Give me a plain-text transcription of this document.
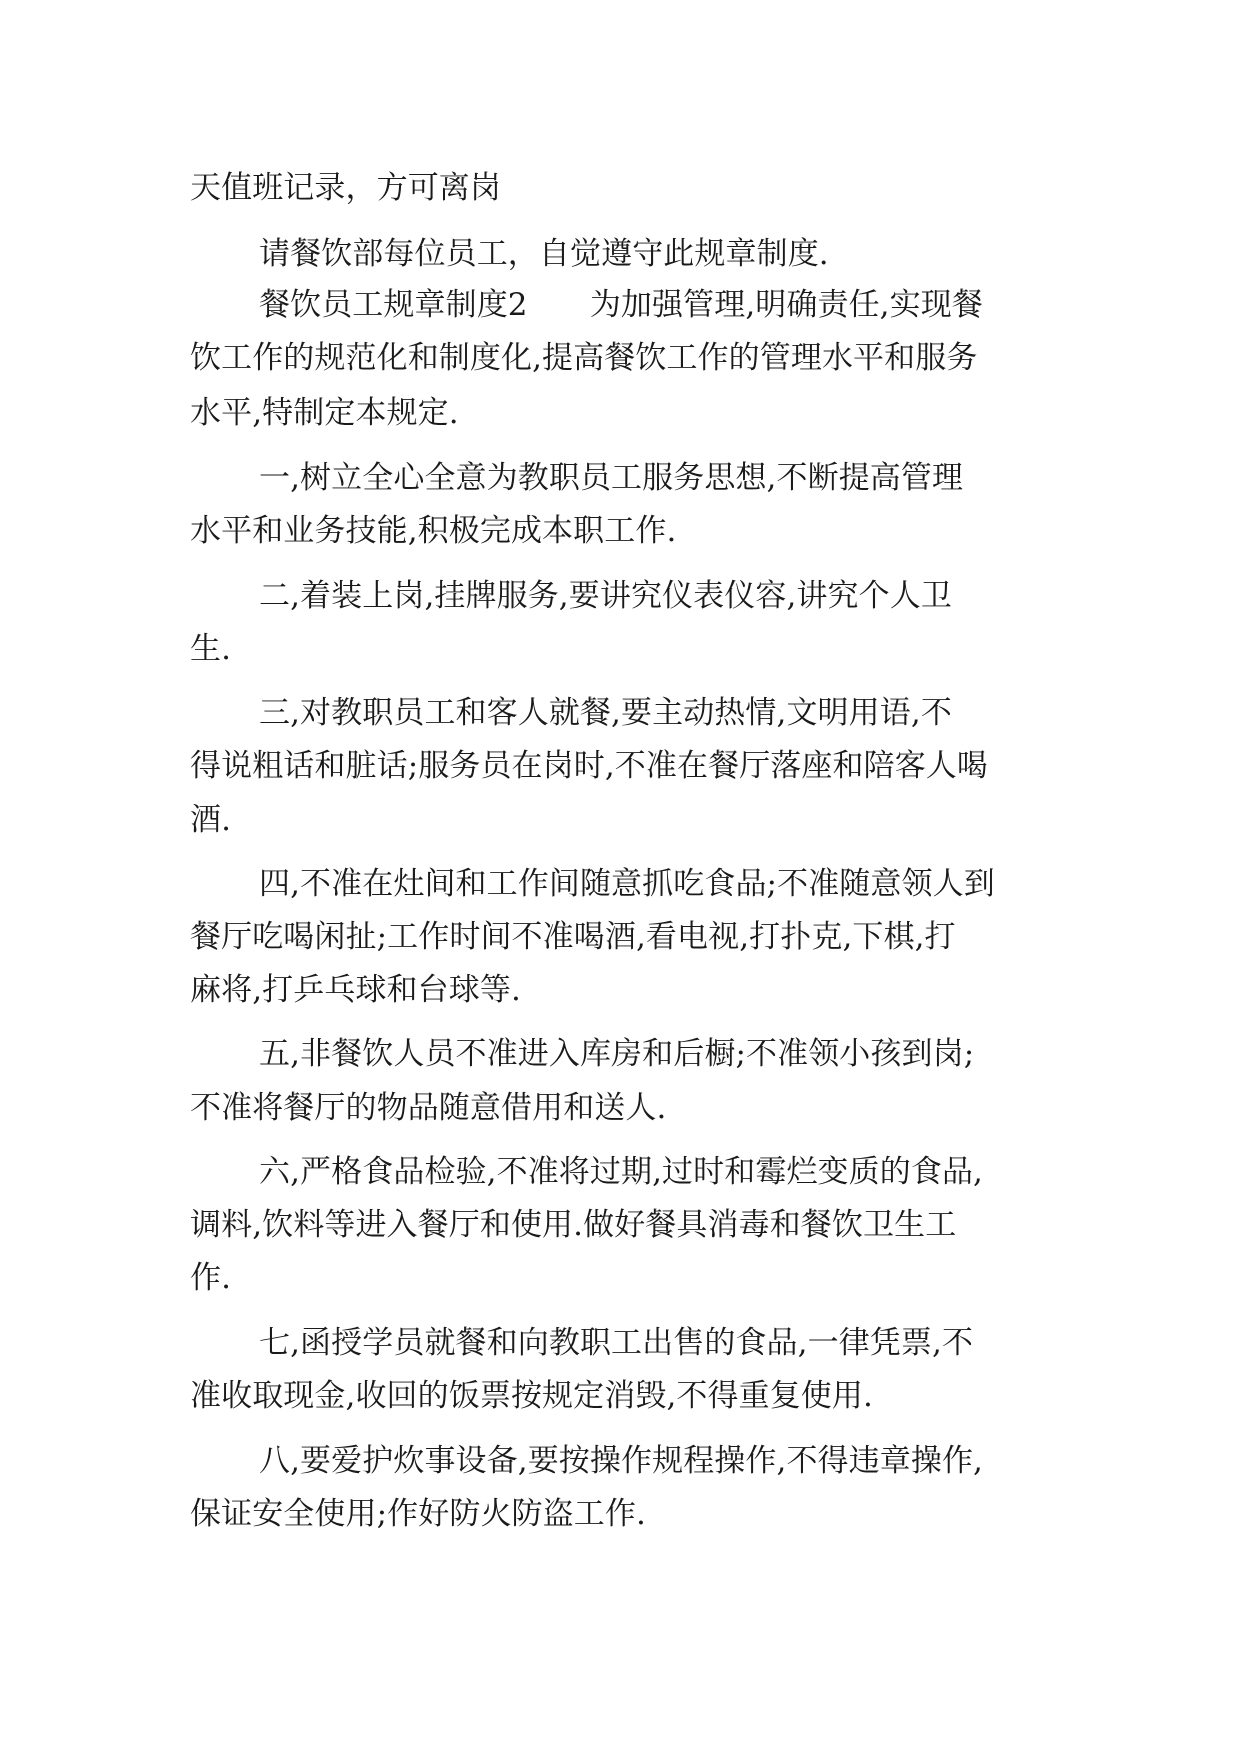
天值班记录，方可离岗
请餐饮部每位员工，自觉遵守此规章制度.
餐饮员工规章制度2　　为加强管理,明确责任,实现餐
饮工作的规范化和制度化,提高餐饮工作的管理水平和服务
水平,特制定本规定.
一,树立全心全意为教职员工服务思想,不断提高管理
水平和业务技能,积极完成本职工作.
二,着装上岗,挂牌服务,要讲究仪表仪容,讲究个人卫
生.
三,对教职员工和客人就餐,要主动热情,文明用语,不
得说粗话和脏话;服务员在岗时,不准在餐厅落座和陪客人喝
酒.
四,不准在灶间和工作间随意抓吃食品;不准随意领人到
餐厅吃喝闲扯;工作时间不准喝酒,看电视,打扑克,下棋,打
麻将,打乒乓球和台球等.
五,非餐饮人员不准进入库房和后橱;不准领小孩到岗;
不准将餐厅的物品随意借用和送人.
六,严格食品检验,不准将过期,过时和霉烂变质的食品,
调料,饮料等进入餐厅和使用.做好餐具消毒和餐饮卫生工
作.
七,函授学员就餐和向教职工出售的食品,一律凭票,不
准收取现金,收回的饭票按规定消毁,不得重复使用.
八,要爱护炊事设备,要按操作规程操作,不得违章操作,
保证安全使用;作好防火防盗工作.
